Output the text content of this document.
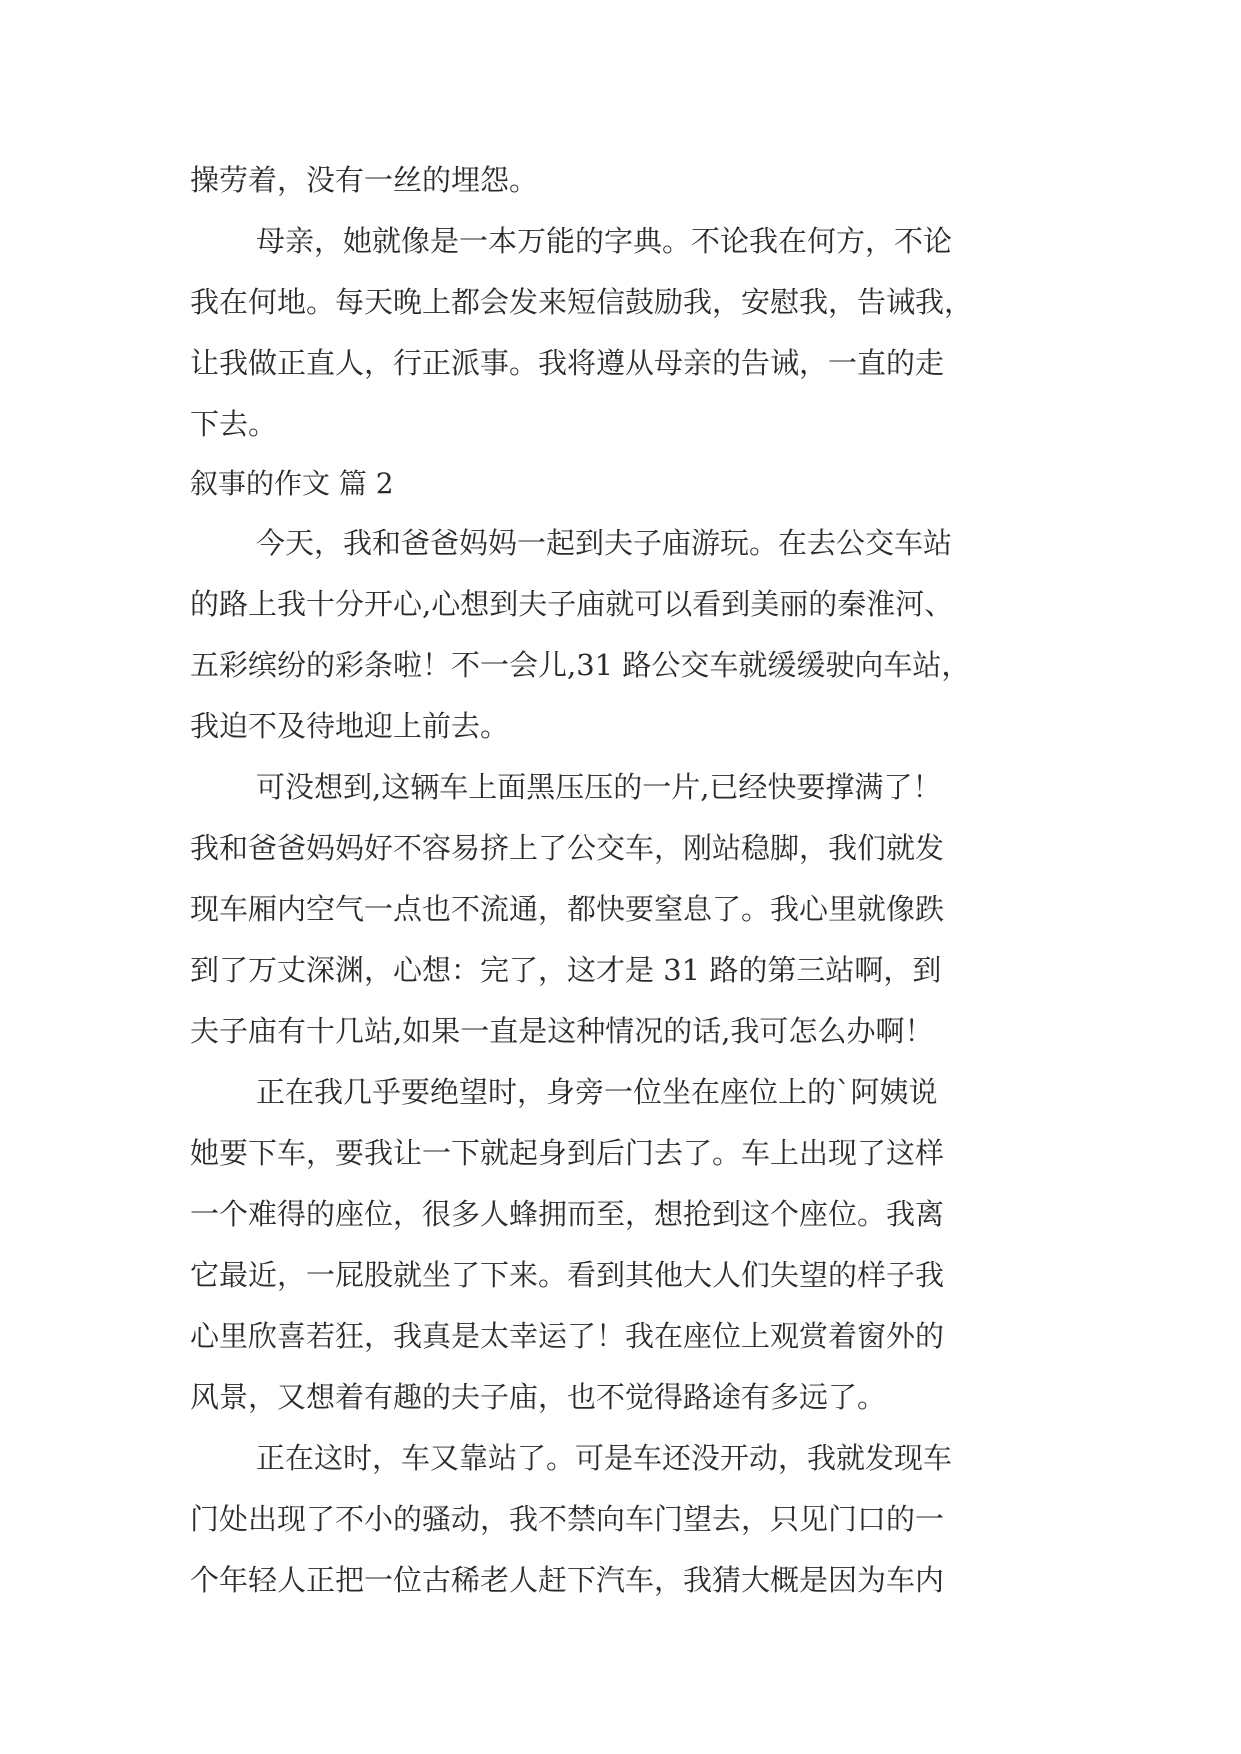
操劳着，没有一丝的埋怨。
母亲，她就像是一本万能的字典。不论我在何方，不论
我在何地。每天晚上都会发来短信鼓励我，安慰我，告诫我，
让我做正直人，行正派事。我将遵从母亲的告诫，一直的走
下去。
叙事的作文 篇 2
今天，我和爸爸妈妈一起到夫子庙游玩。在去公交车站
的路上我十分开心,心想到夫子庙就可以看到美丽的秦淮河、
五彩缤纷的彩条啦！不一会儿,31 路公交车就缓缓驶向车站，
我迫不及待地迎上前去。
可没想到,这辆车上面黑压压的一片,已经快要撑满了！
我和爸爸妈妈好不容易挤上了公交车，刚站稳脚，我们就发
现车厢内空气一点也不流通，都快要窒息了。我心里就像跌
到了万丈深渊，心想：完了，这才是 31 路的第三站啊，到
夫子庙有十几站,如果一直是这种情况的话,我可怎么办啊！
正在我几乎要绝望时，身旁一位坐在座位上的`阿姨说
她要下车，要我让一下就起身到后门去了。车上出现了这样
一个难得的座位，很多人蜂拥而至，想抢到这个座位。我离
它最近，一屁股就坐了下来。看到其他大人们失望的样子我
心里欣喜若狂，我真是太幸运了！我在座位上观赏着窗外的
风景，又想着有趣的夫子庙，也不觉得路途有多远了。
正在这时，车又靠站了。可是车还没开动，我就发现车
门处出现了不小的骚动，我不禁向车门望去，只见门口的一
个年轻人正把一位古稀老人赶下汽车，我猜大概是因为车内
